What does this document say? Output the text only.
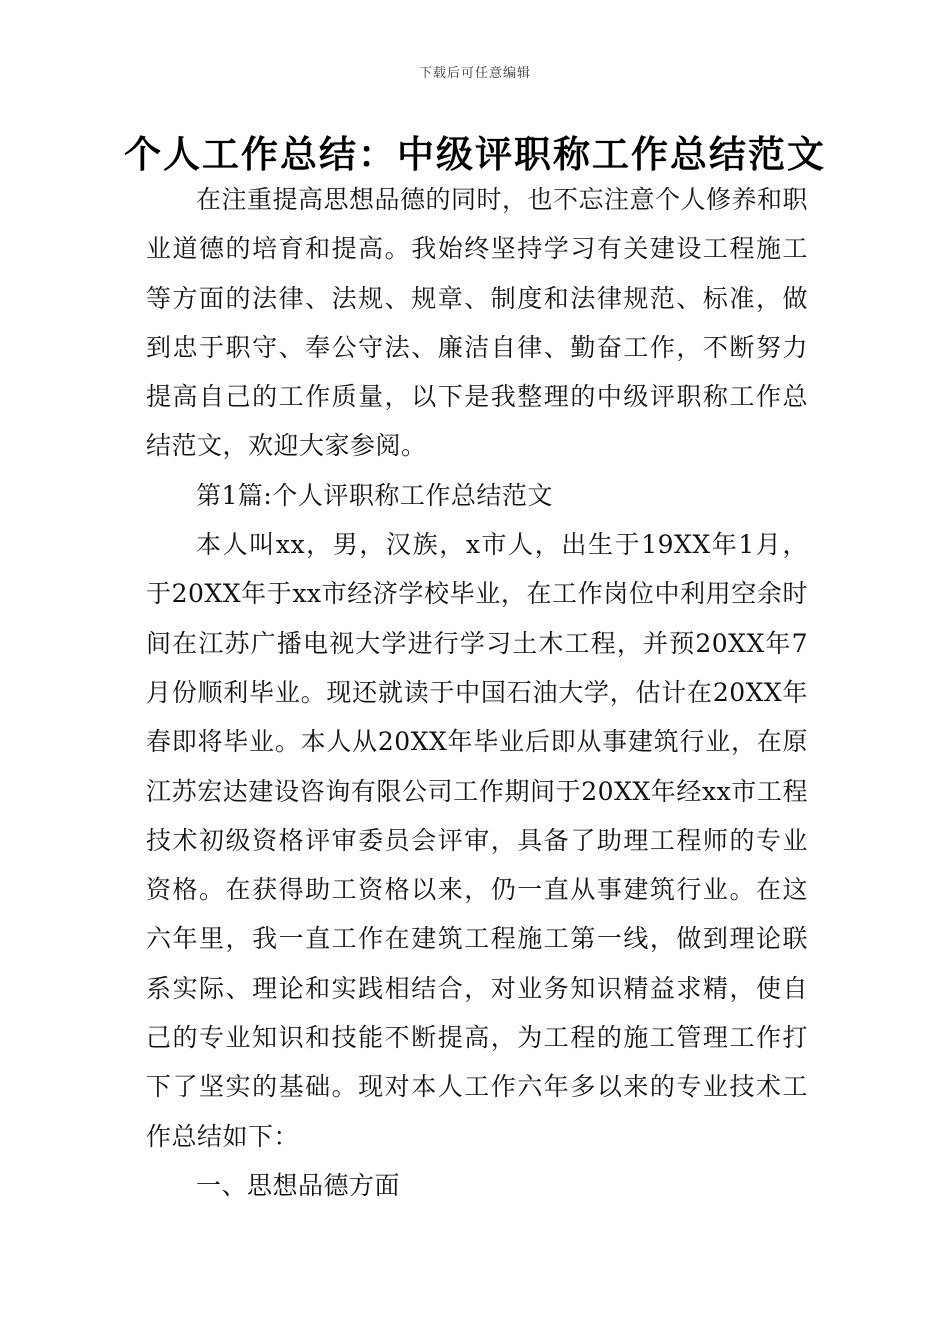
下载后可任意编辑
个人工作总结：中级评职称工作总结范文

在注重提高思想品德的同时，也不忘注意个人修养和职业道德的培育和提高。我始终坚持学习有关建设工程施工等方面的法律、法规、规章、制度和法律规范、标准，做到忠于职守、奉公守法、廉洁自律、勤奋工作，不断努力提高自己的工作质量，以下是我整理的中级评职称工作总结范文，欢迎大家参阅。

第1篇:个人评职称工作总结范文

本人叫xx，男，汉族，x市人，出生于19XX年1月，于20XX年于xx市经济学校毕业，在工作岗位中利用空余时间在江苏广播电视大学进行学习土木工程，并预20XX年7月份顺利毕业。现还就读于中国石油大学，估计在20XX年春即将毕业。本人从20XX年毕业后即从事建筑行业，在原江苏宏达建设咨询有限公司工作期间于20XX年经xx市工程技术初级资格评审委员会评审，具备了助理工程师的专业资格。在获得助工资格以来，仍一直从事建筑行业。在这六年里，我一直工作在建筑工程施工第一线，做到理论联系实际、理论和实践相结合，对业务知识精益求精，使自己的专业知识和技能不断提高，为工程的施工管理工作打下了坚实的基础。现对本人工作六年多以来的专业技术工作总结如下：

一、思想品德方面
